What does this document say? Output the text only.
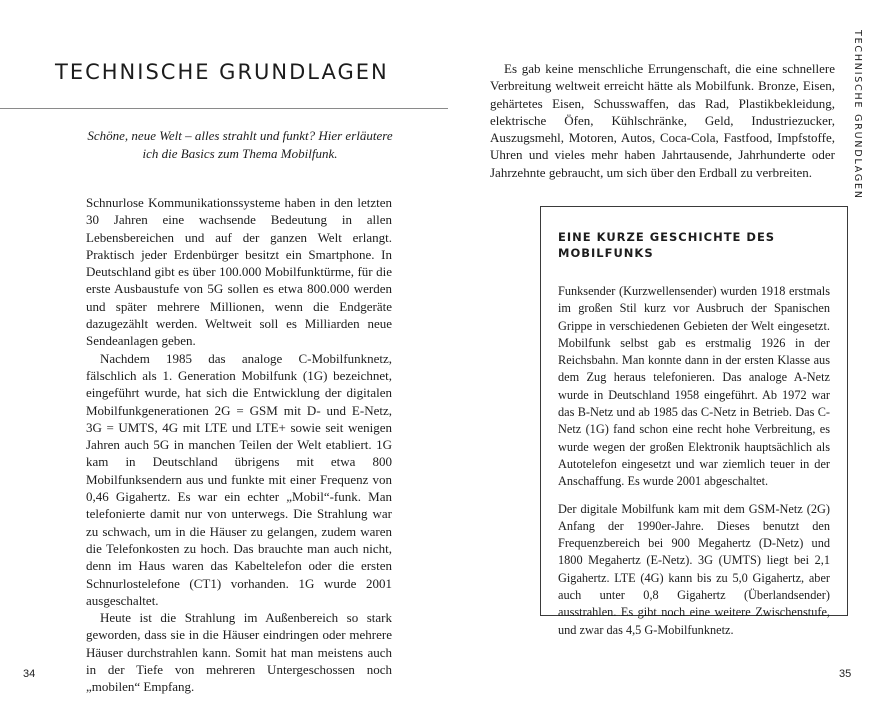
TECHNISCHE GRUNDLAGEN
Schöne, neue Welt – alles strahlt und funkt? Hier erläutere ich die Basics zum Thema Mobilfunk.

Schnurlose Kommunikationssysteme haben in den letzten 30 Jahren eine wachsende Bedeutung in allen Lebensbereichen und auf der ganzen Welt erlangt. Praktisch jeder Erdenbürger besitzt ein Smartphone. In Deutschland gibt es über 100.000 Mobilfunktürme, für die erste Ausbaustufe von 5G sollen es etwa 800.000 werden und später mehrere Millionen, wenn die Endgeräte dazugezählt werden. Weltweit soll es Milliarden neue Sendeanlagen geben.

Nachdem 1985 das analoge C-Mobilfunknetz, fälschlich als 1. Generation Mobilfunk (1G) bezeichnet, eingeführt wurde, hat sich die Entwicklung der digitalen Mobilfunkgenerationen 2G = GSM mit D- und E-Netz, 3G = UMTS, 4G mit LTE und LTE+ sowie seit wenigen Jahren auch 5G in manchen Teilen der Welt etabliert. 1G kam in Deutschland übrigens mit etwa 800 Mobilfunksendern aus und funkte mit einer Frequenz von 0,46 Gigahertz. Es war ein echter „Mobil“-funk. Man telefonierte damit nur von unterwegs. Die Strahlung war zu schwach, um in die Häuser zu gelangen, zudem waren die Telefonkosten zu hoch. Das brauchte man auch nicht, denn im Haus waren das Kabeltelefon oder die ersten Schnurlostelefone (CT1) vorhanden. 1G wurde 2001 ausgeschaltet.

Heute ist die Strahlung im Außenbereich so stark geworden, dass sie in die Häuser eindringen oder mehrere Häuser durchstrahlen kann. Somit hat man meistens auch in der Tiefe von mehreren Untergeschossen noch „mobilen“ Empfang.

34
TECHNISCHE GRUNDLAGEN

Es gab keine menschliche Errungenschaft, die eine schnellere Verbreitung weltweit erreicht hätte als Mobilfunk. Bronze, Eisen, gehärtetes Eisen, Schusswaffen, das Rad, Plastikbekleidung, elektrische Öfen, Kühlschränke, Geld, Industriezucker, Auszugsmehl, Motoren, Autos, Coca-Cola, Fastfood, Impfstoffe, Uhren und vieles mehr haben Jahrtausende, Jahrhunderte oder Jahrzehnte gebraucht, um sich über den Erdball zu verbreiten.

EINE KURZE GESCHICHTE DES MOBILFUNKS

Funksender (Kurzwellensender) wurden 1918 erstmals im großen Stil kurz vor Ausbruch der Spanischen Grippe in verschiedenen Gebieten der Welt eingesetzt. Mobilfunk selbst gab es erstmalig 1926 in der Reichsbahn. Man konnte dann in der ersten Klasse aus dem Zug heraus telefonieren. Das analoge A-Netz wurde in Deutschland 1958 eingeführt. Ab 1972 war das B-Netz und ab 1985 das C-Netz in Betrieb. Das C-Netz (1G) fand schon eine recht hohe Verbreitung, es wurde wegen der großen Elektronik hauptsächlich als Autotelefon eingesetzt und war ziemlich teuer in der Anschaffung. Es wurde 2001 abgeschaltet.

Der digitale Mobilfunk kam mit dem GSM-Netz (2G) Anfang der 1990er-Jahre. Dieses benutzt den Frequenzbereich bei 900 Megahertz (D-Netz) und 1800 Megahertz (E-Netz). 3G (UMTS) liegt bei 2,1 Gigahertz. LTE (4G) kann bis zu 5,0 Gigahertz, aber auch unter 0,8 Gigahertz (Überlandsender) ausstrahlen. Es gibt noch eine weitere Zwischenstufe, und zwar das 4,5 G-Mobilfunknetz.

35
